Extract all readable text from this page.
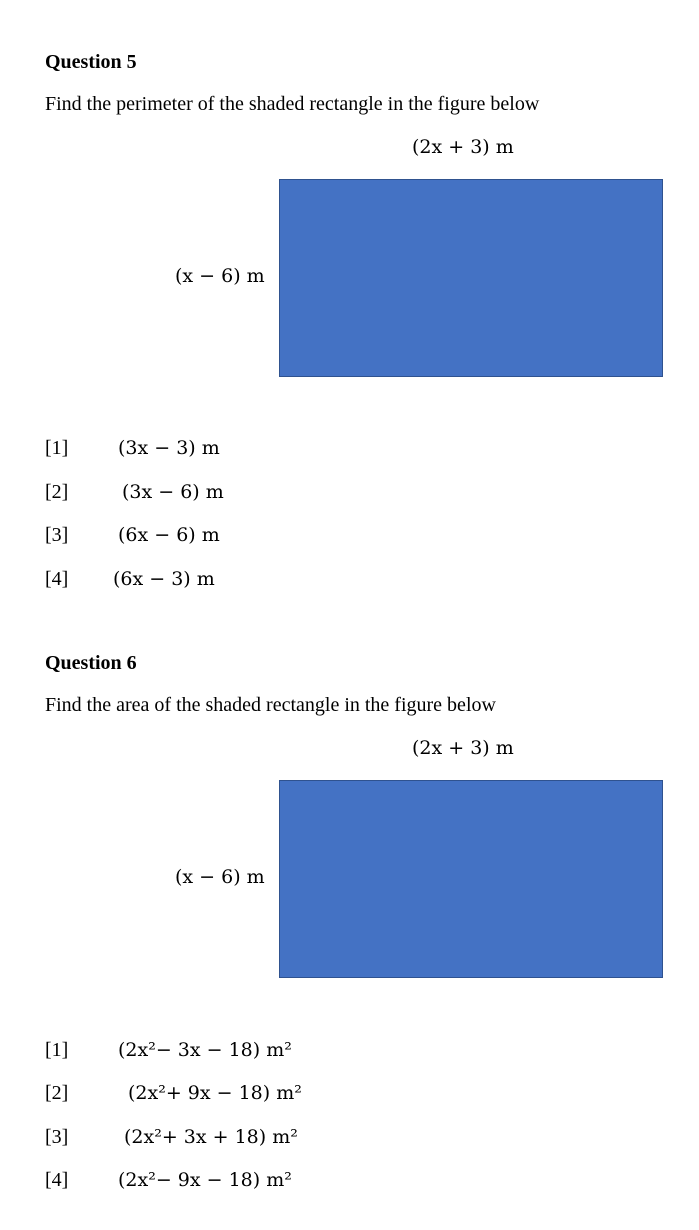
Question 5
Find the perimeter of the shaded rectangle in the figure below
(2x + 3) m
(x − 6) m
[1]	(3x − 3) m
[2]	(3x − 6) m
[3]	(6x − 6) m
[4] (6x − 3) m
Question 6
Find the area of the shaded rectangle in the figure below
(2x + 3) m
(x − 6) m
[1]	(2x²− 3x − 18) m²
[2]	(2x²+ 9x − 18) m²
[3]	(2x²+ 3x + 18) m²
[4]	(2x²− 9x − 18) m²
